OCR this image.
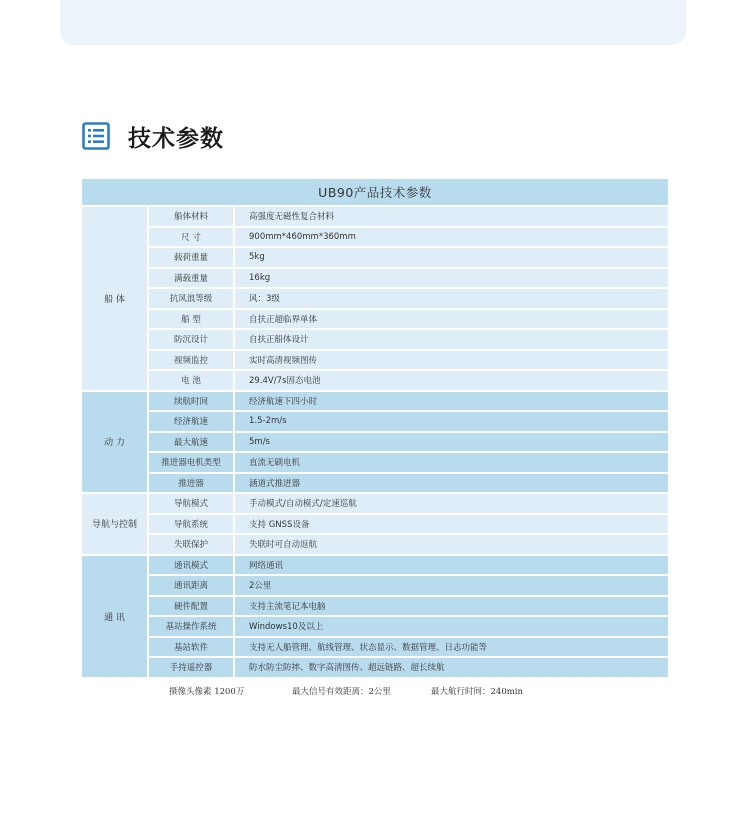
技术参数
UB90产品技术参数
船 体
船体材料	高强度无磁性复合材料
尺 寸	900mm*460mm*360mm
载荷重量	5kg
满载重量	16kg
抗风浪等级	风：3级
船 型	自扶正超临界单体
防沉设计	自扶正船体设计
视频监控	实时高清视频图传
电 池	29.4V/7s固态电池
动 力
续航时间	经济航速下四小时
经济航速	1.5-2m/s
最大航速	5m/s
推进器电机类型	直流无刷电机
推进器	涵道式推进器
导航与控制
导航模式	手动模式/自动模式/定速巡航
导航系统	支持 GNSS设备
失联保护	失联时可自动返航
通 讯
通讯模式	网络通讯
通讯距离	2公里
硬件配置	支持主流笔记本电脑
基站操作系统	Windows10及以上
基站软件	支持无人船管理、航线管理、状态显示、数据管理、日志功能等
手持遥控器	防水防尘防摔、数字高清图传、超远链路、超长续航
摄像头像素 1200万	最大信号有效距离：2公里	最大航行时间：240min
